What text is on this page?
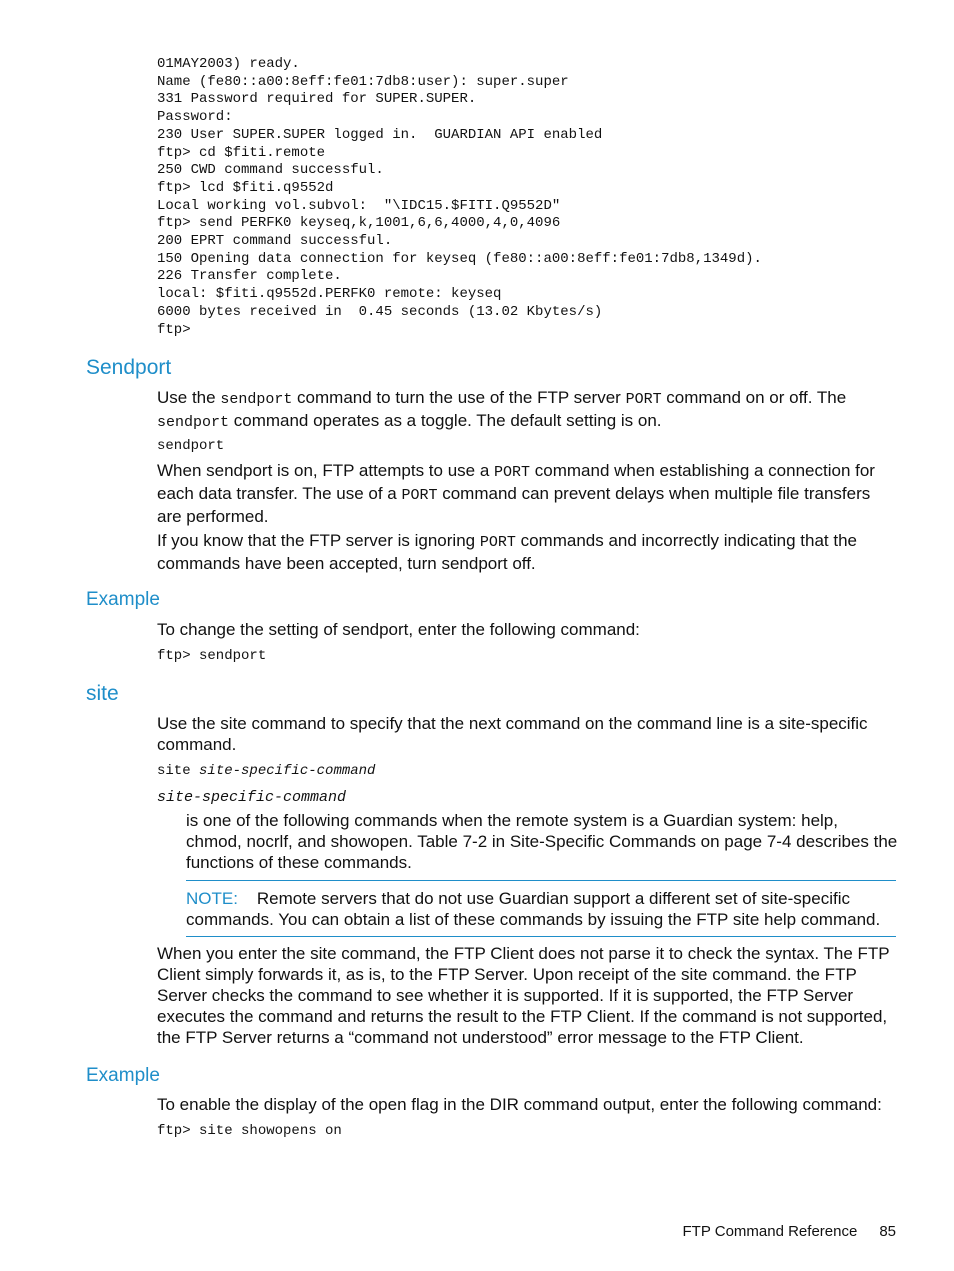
01MAY2003) ready.
Name (fe80::a00:8eff:fe01:7db8:user): super.super
331 Password required for SUPER.SUPER.
Password:
230 User SUPER.SUPER logged in.  GUARDIAN API enabled
ftp> cd $fiti.remote
250 CWD command successful.
ftp> lcd $fiti.q9552d
Local working vol.subvol:  "\IDC15.$FITI.Q9552D"
ftp> send PERFK0 keyseq,k,1001,6,6,4000,4,0,4096
200 EPRT command successful.
150 Opening data connection for keyseq (fe80::a00:8eff:fe01:7db8,1349d).
226 Transfer complete.
local: $fiti.q9552d.PERFK0 remote: keyseq
6000 bytes received in  0.45 seconds (13.02 Kbytes/s)
ftp>
Sendport

Use the sendport command to turn the use of the FTP server PORT command on or off. The
sendport command operates as a toggle. The default setting is on.

sendport

When sendport is on, FTP attempts to use a PORT command when establishing a connection for each data transfer. The use of a PORT command can prevent delays when multiple file transfers are performed.

If you know that the FTP server is ignoring PORT commands and incorrectly indicating that the commands have been accepted, turn sendport off.

Example

To change the setting of sendport, enter the following command:

ftp> sendport
site

Use the site command to specify that the next command on the command line is a site-specific command.

site site-specific-command
site-specific-command

is one of the following commands when the remote system is a Guardian system: help, chmod, nocrlf, and showopen. Table 7-2 in Site-Specific Commands on page 7-4 describes the functions of these commands.

NOTE: Remote servers that do not use Guardian support a different set of site-specific commands. You can obtain a list of these commands by issuing the FTP site help command.

When you enter the site command, the FTP Client does not parse it to check the syntax. The FTP Client simply forwards it, as is, to the FTP Server. Upon receipt of the site command. the FTP Server checks the command to see whether it is supported. If it is supported, the FTP Server executes the command and returns the result to the FTP Client. If the command is not supported, the FTP Server returns a “command not understood” error message to the FTP Client.

Example

To enable the display of the open flag in the DIR command output, enter the following command:

ftp> site showopens on
FTP Command Reference 85
